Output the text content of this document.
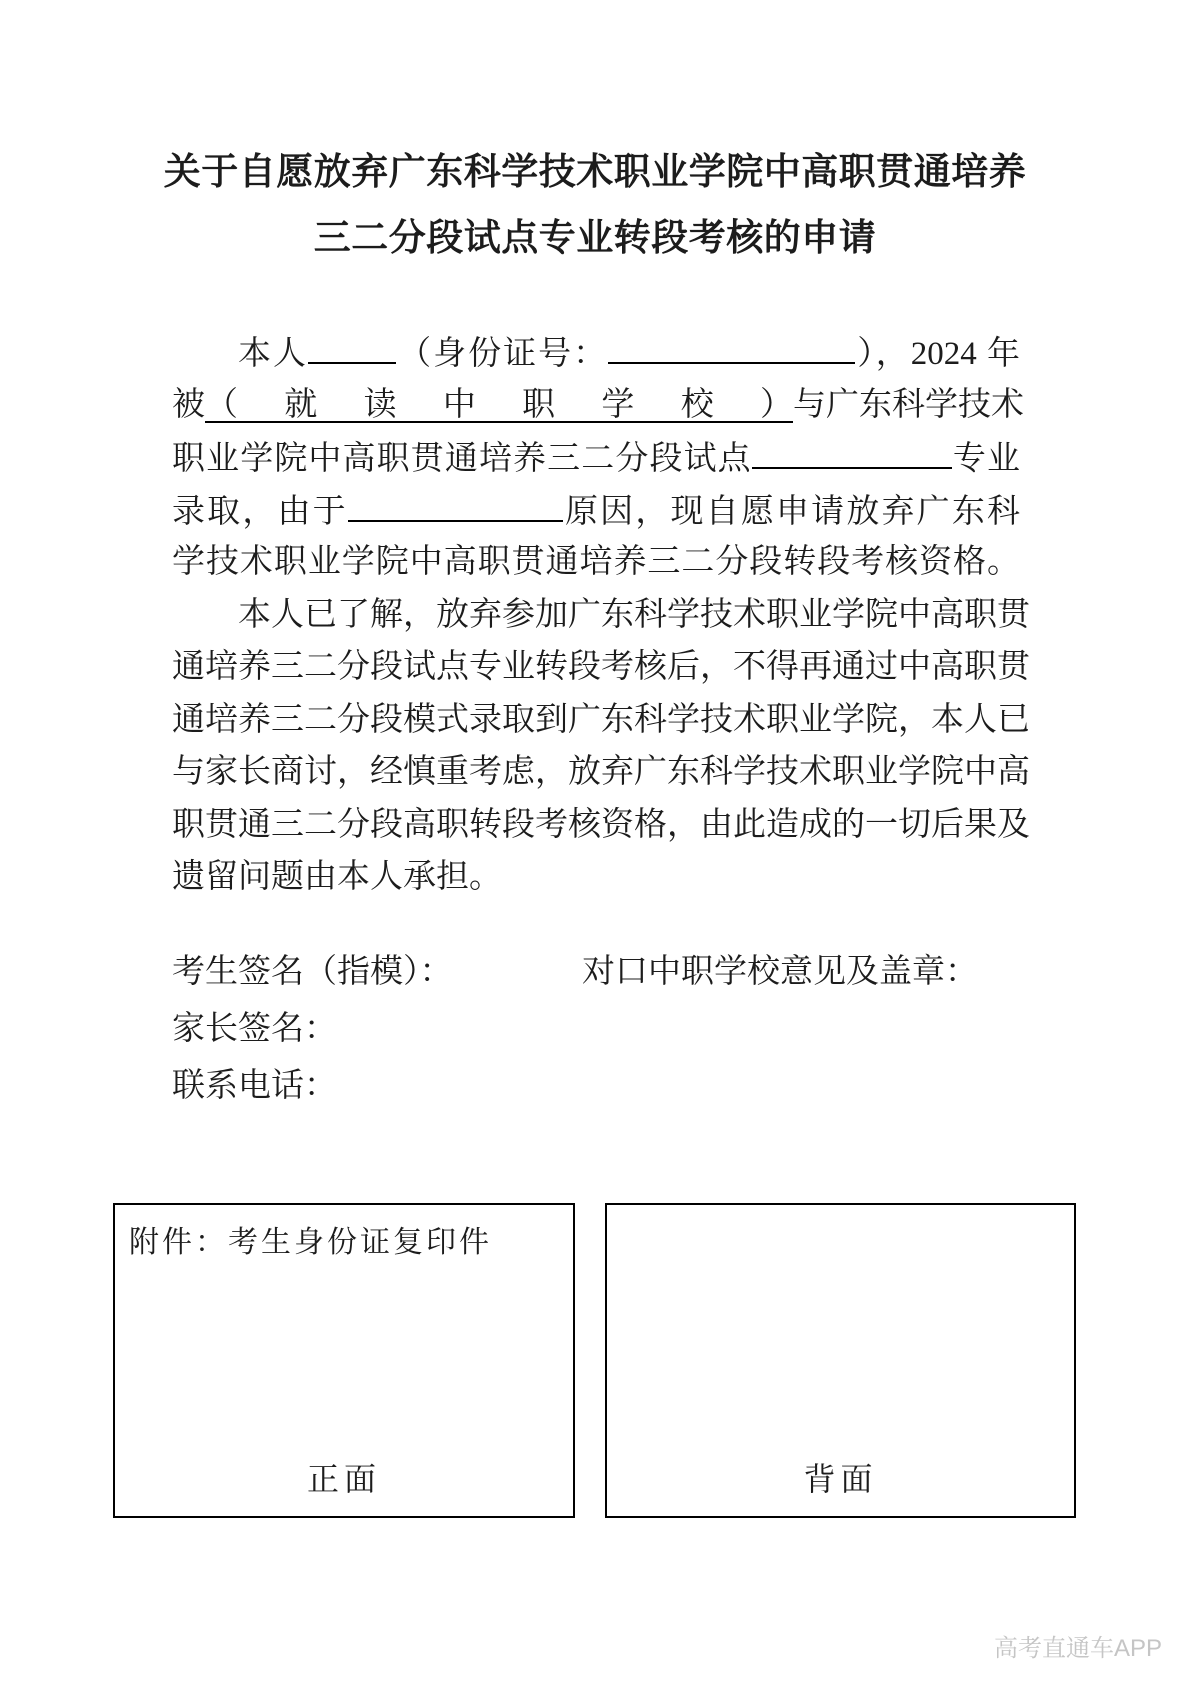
关于自愿放弃广东科学技术职业学院中高职贯通培养
三二分段试点专业转段考核的申请
本人	（身份证号：	），2024 年
被（就读中职学校）与广东科学技术
职业学院中高职贯通培养三二分段试点	专业
录取，由于	原因，现自愿申请放弃广东科
学技术职业学院中高职贯通培养三二分段转段考核资格。
本人已了解，放弃参加广东科学技术职业学院中高职贯
通培养三二分段试点专业转段考核后，不得再通过中高职贯
通培养三二分段模式录取到广东科学技术职业学院，本人已
与家长商讨，经慎重考虑，放弃广东科学技术职业学院中高
职贯通三二分段高职转段考核资格，由此造成的一切后果及
遗留问题由本人承担。
考生签名（指模）：	对口中职学校意见及盖章：
家长签名：
联系电话：
附件：考生身份证复印件
正面	背面
高考直通车APP
